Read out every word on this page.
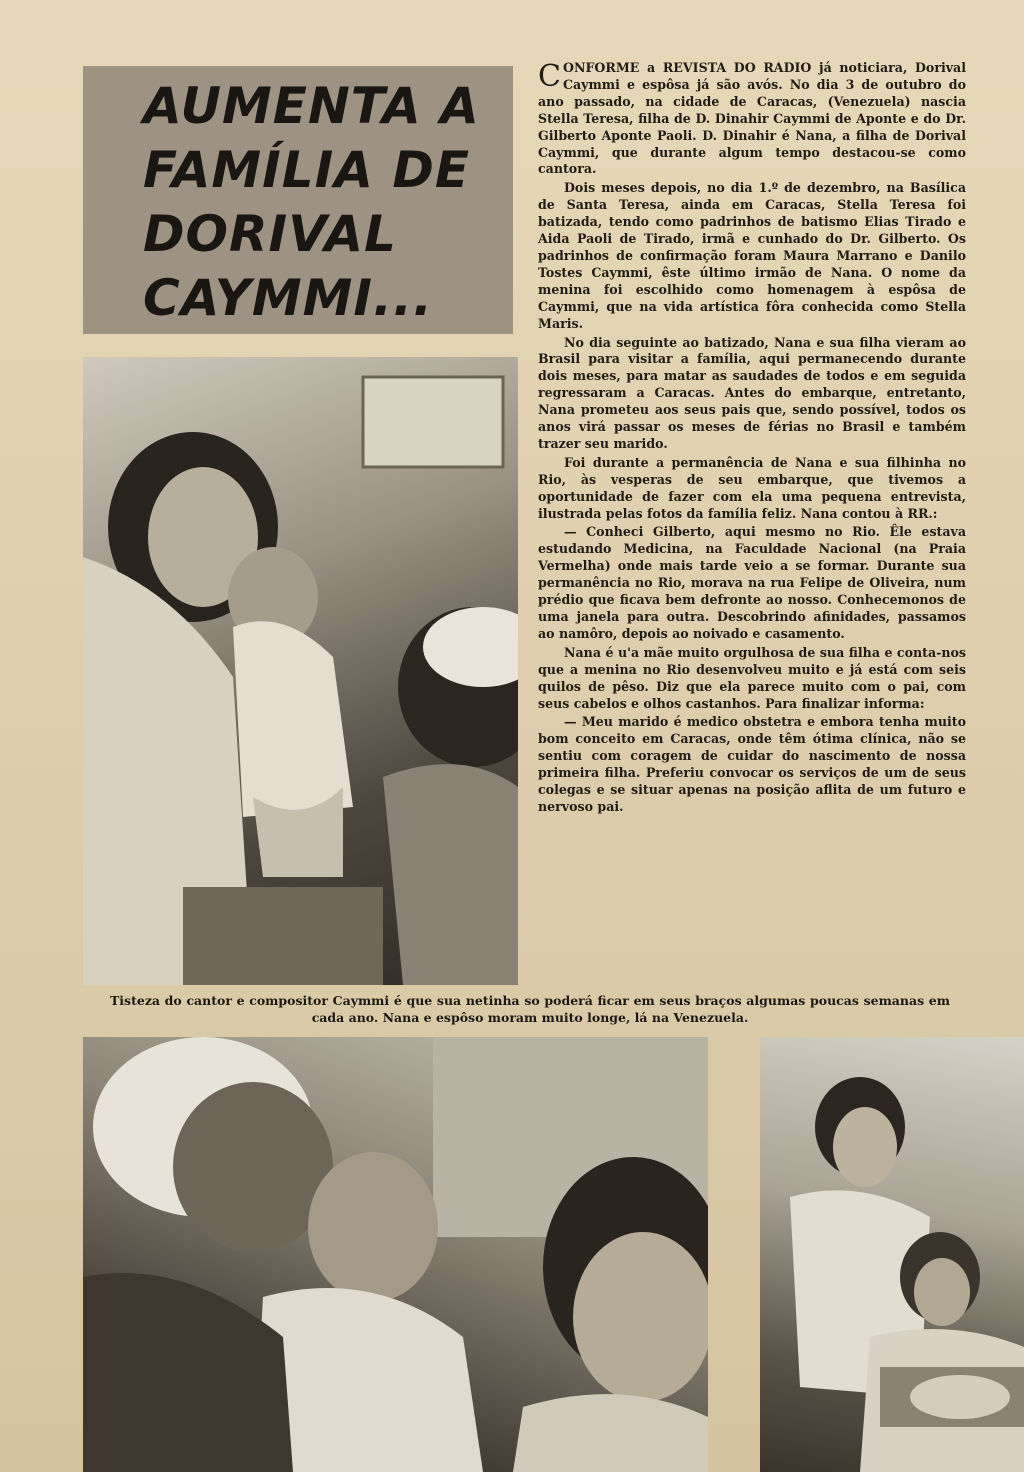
AUMENTA A
FAMÍLIA DE
DORIVAL
CAYMMI...

CONFORME a REVISTA DO RADIO já noticiara, Dorival Caymmi e espôsa já são avós. No dia 3 de outubro do ano passado, na cidade de Caracas, (Venezuela) nascia Stella Teresa, filha de D. Dinahir Caymmi de Aponte e do Dr. Gilberto Aponte Paoli. D. Dinahir é Nana, a filha de Dorival Caymmi, que durante algum tempo destacou-se como cantora.

Dois meses depois, no dia 1.º de dezembro, na Basílica de Santa Teresa, ainda em Caracas, Stella Teresa foi batizada, tendo como padrinhos de batismo Elias Tirado e Aida Paoli de Tirado, irmã e cunhado do Dr. Gilberto. Os padrinhos de confirmação foram Maura Marrano e Danilo Tostes Caymmi, êste último irmão de Nana. O nome da menina foi escolhido como homenagem à espôsa de Caymmi, que na vida artística fôra conhecida como Stella Maris.

No dia seguinte ao batizado, Nana e sua filha vieram ao Brasil para visitar a família, aqui permanecendo durante dois meses, para matar as saudades de todos e em seguida regressaram a Caracas. Antes do embarque, entretanto, Nana prometeu aos seus pais que, sendo possível, todos os anos virá passar os meses de férias no Brasil e também trazer seu marido.

Foi durante a permanência de Nana e sua filhinha no Rio, às vesperas de seu embarque, que tivemos a oportunidade de fazer com ela uma pequena entrevista, ilustrada pelas fotos da família feliz. Nana contou à RR.:

— Conheci Gilberto, aqui mesmo no Rio. Êle estava estudando Medicina, na Faculdade Nacional (na Praia Vermelha) onde mais tarde veio a se formar. Durante sua permanência no Rio, morava na rua Felipe de Oliveira, num prédio que ficava bem defronte ao nosso. Conhecemonos de uma janela para outra. Descobrindo afinidades, passamos ao namôro, depois ao noivado e casamento.

Nana é u'a mãe muito orgulhosa de sua filha e conta-nos que a menina no Rio desenvolveu muito e já está com seis quilos de pêso. Diz que ela parece muito com o pai, com seus cabelos e olhos castanhos. Para finalizar informa:

— Meu marido é medico obstetra e embora tenha muito bom conceito em Caracas, onde têm ótima clínica, não se sentiu com coragem de cuidar do nascimento de nossa primeira filha. Preferiu convocar os serviços de um de seus colegas e se situar apenas na posição aflita de um futuro e nervoso pai.

Tisteza do cantor e compositor Caymmi é que sua netinha so poderá ficar em seus braços algumas poucas semanas em cada ano. Nana e espôso moram muito longe, lá na Venezuela.
